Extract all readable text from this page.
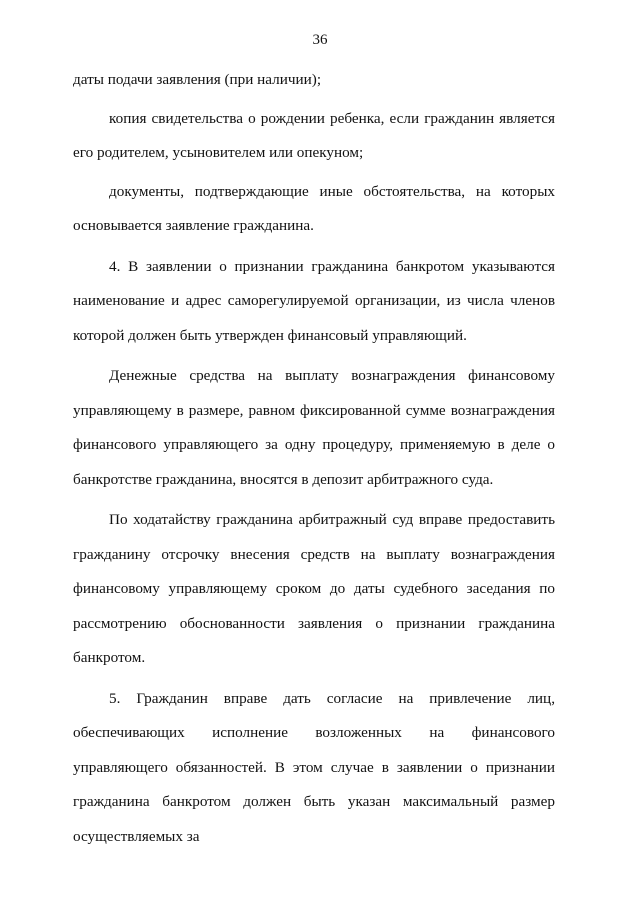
36

даты подачи заявления (при наличии);

копия свидетельства о рождении ребенка, если гражданин является его родителем, усыновителем или опекуном;

документы, подтверждающие иные обстоятельства, на которых основывается заявление гражданина.

4. В заявлении о признании гражданина банкротом указываются наименование и адрес саморегулируемой организации, из числа членов которой должен быть утвержден финансовый управляющий.

Денежные средства на выплату вознаграждения финансовому управляющему в размере, равном фиксированной сумме вознаграждения финансового управляющего за одну процедуру, применяемую в деле о банкротстве гражданина, вносятся в депозит арбитражного суда.

По ходатайству гражданина арбитражный суд вправе предоставить гражданину отсрочку внесения средств на выплату вознаграждения финансовому управляющему сроком до даты судебного заседания по рассмотрению обоснованности заявления о признании гражданина банкротом.

5. Гражданин вправе дать согласие на привлечение лиц, обеспечивающих исполнение возложенных на финансового управляющего обязанностей. В этом случае в заявлении о признании гражданина банкротом должен быть указан максимальный размер осуществляемых за
